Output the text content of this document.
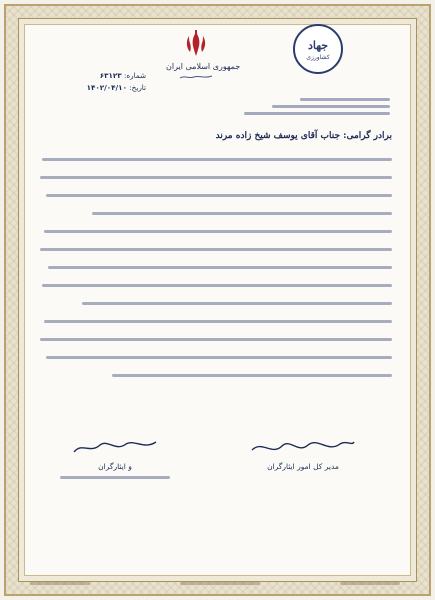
جمهوری اسلامی ایران
جهاد
کشاورزی
شماره: ۶۳۱۲۳
تاریخ: ۱۴۰۲/۰۴/۱۰
برادر گرامی: جناب آقای یوسف شیخ زاده مرند
مدیر کل امور ایثارگران
و ایثارگران
